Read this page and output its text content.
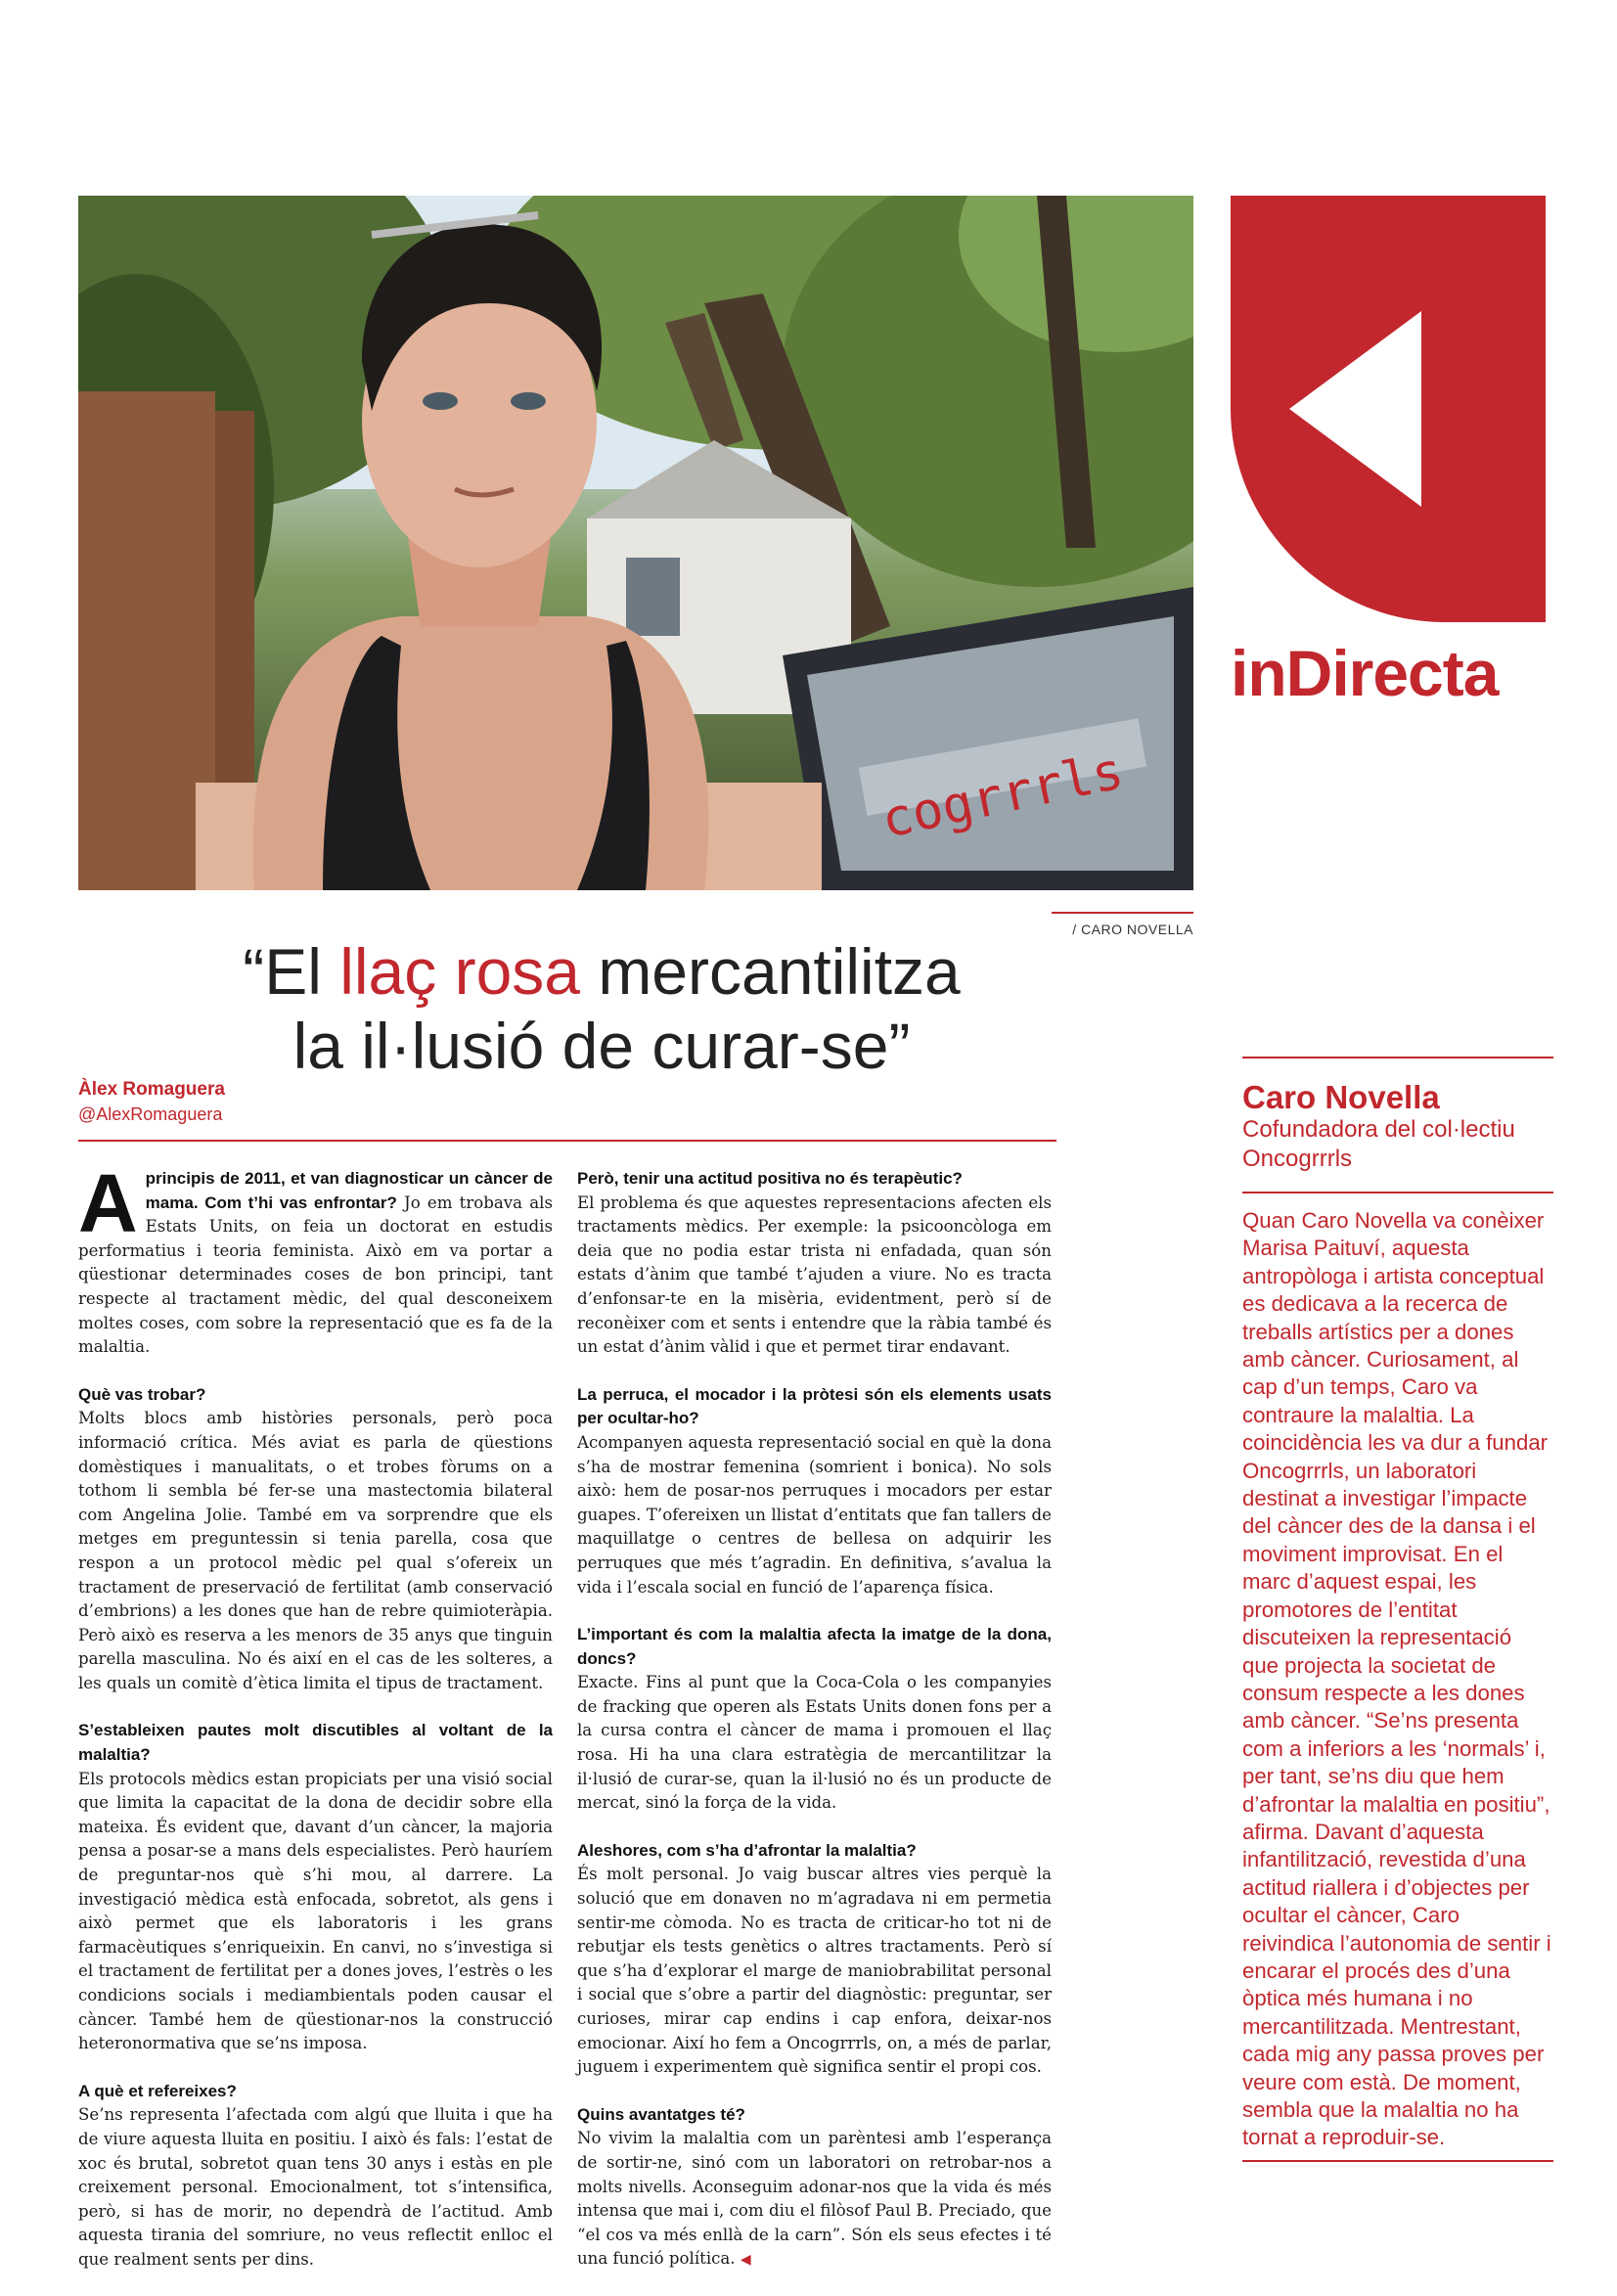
cogrrrls
/ CARO NOVELLA
inDirecta
“El llaç rosa mercantilitza
la il·lusió de curar-se”
Àlex Romaguera
@AlexRomaguera
A principis de 2011, et van diagnosticar un càncer de mama. Com t’hi vas enfrontar? Jo em trobava als Estats Units, on feia un doctorat en estudis performatius i teoria feminista. Això em va portar a qüestionar determinades coses de bon principi, tant respecte al tractament mèdic, del qual desconeixem moltes coses, com sobre la representació que es fa de la malaltia.

Què vas trobar?

Molts blocs amb històries personals, però poca informació crítica. Més aviat es parla de qüestions domèstiques i manualitats, o et trobes fòrums on a tothom li sembla bé fer-se una mastectomia bilateral com Angelina Jolie. També em va sorprendre que els metges em preguntessin si tenia parella, cosa que respon a un protocol mèdic pel qual s’ofereix un tractament de preservació de fertilitat (amb conservació d’embrions) a les dones que han de rebre quimioteràpia. Però això es reserva a les menors de 35 anys que tinguin parella masculina. No és així en el cas de les solteres, a les quals un comitè d’ètica limita el tipus de tractament.

S’estableixen pautes molt discutibles al voltant de la malaltia?

Els protocols mèdics estan propiciats per una visió social que limita la capacitat de la dona de decidir sobre ella mateixa. És evident que, davant d’un càncer, la majoria pensa a posar-se a mans dels especialistes. Però hauríem de preguntar-nos què s’hi mou, al darrere. La investigació mèdica està enfocada, sobretot, als gens i això permet que els laboratoris i les grans farmacèutiques s’enriqueixin. En canvi, no s’investiga si el tractament de fertilitat per a dones joves, l’estrès o les condicions socials i mediambientals poden causar el càncer. També hem de qüestionar-nos la construcció heteronormativa que se’ns imposa.

A què et refereixes?

Se’ns representa l’afectada com algú que lluita i que ha de viure aquesta lluita en positiu. I això és fals: l’estat de xoc és brutal, sobretot quan tens 30 anys i estàs en ple creixement personal. Emocionalment, tot s’intensifica, però, si has de morir, no dependrà de l’actitud. Amb aquesta tirania del somriure, no veus reflectit enlloc el que realment sents per dins.

Però, tenir una actitud positiva no és terapèutic?

El problema és que aquestes representacions afecten els tractaments mèdics. Per exemple: la psicooncòloga em deia que no podia estar trista ni enfadada, quan són estats d’ànim que també t’ajuden a viure. No es tracta d’enfonsar-te en la misèria, evidentment, però sí de reconèixer com et sents i entendre que la ràbia també és un estat d’ànim vàlid i que et permet tirar endavant.

La perruca, el mocador i la pròtesi són els elements usats per ocultar-ho?

Acompanyen aquesta representació social en què la dona s’ha de mostrar femenina (somrient i bonica). No sols això: hem de posar-nos perruques i mocadors per estar guapes. T’ofereixen un llistat d’entitats que fan tallers de maquillatge o centres de bellesa on adquirir les perruques que més t’agradin. En definitiva, s’avalua la vida i l’escala social en funció de l’aparença física.

L’important és com la malaltia afecta la imatge de la dona, doncs?

Exacte. Fins al punt que la Coca-Cola o les companyies de fracking que operen als Estats Units donen fons per a la cursa contra el càncer de mama i promouen el llaç rosa. Hi ha una clara estratègia de mercantilitzar la il·lusió de curar-se, quan la il·lusió no és un producte de mercat, sinó la força de la vida.

Aleshores, com s’ha d’afrontar la malaltia?

És molt personal. Jo vaig buscar altres vies perquè la solució que em donaven no m’agradava ni em permetia sentir-me còmoda. No es tracta de criticar-ho tot ni de rebutjar els tests genètics o altres tractaments. Però sí que s’ha d’explorar el marge de maniobrabilitat personal i social que s’obre a partir del diagnòstic: preguntar, ser curioses, mirar cap endins i cap enfora, deixar-nos emocionar. Així ho fem a Oncogrrrls, on, a més de parlar, juguem i experimentem què significa sentir el propi cos.

Quins avantatges té?

No vivim la malaltia com un parèntesi amb l’esperança de sortir-ne, sinó com un laboratori on retrobar-nos a molts nivells. Aconseguim adonar-nos que la vida és més intensa que mai i, com diu el filòsof Paul B. Preciado, que “el cos va més enllà de la carn”. Són els seus efectes i té una funció política. ◀

Caro Novella
Cofundadora del col·lectiu Oncogrrrls
Quan Caro Novella va conèixer Marisa Paituví, aquesta antropòloga i artista conceptual es dedicava a la recerca de treballs artístics per a dones amb càncer. Curiosament, al cap d’un temps, Caro va contraure la malaltia. La coincidència les va dur a fundar Oncogrrrls, un laboratori destinat a investigar l’impacte del càncer des de la dansa i el moviment improvisat. En el marc d’aquest espai, les promotores de l’entitat discuteixen la representació que projecta la societat de consum respecte a les dones amb càncer. “Se’ns presenta com a inferiors a les ‘normals’ i, per tant, se’ns diu que hem d’afrontar la malaltia en positiu”, afirma. Davant d’aquesta infantilització, revestida d’una actitud riallera i d’objectes per ocultar el càncer, Caro reivindica l’autonomia de sentir i encarar el procés des d’una òptica més humana i no mercantilitzada. Mentrestant, cada mig any passa proves per veure com està. De moment, sembla que la malaltia no ha tornat a reproduir-se.
